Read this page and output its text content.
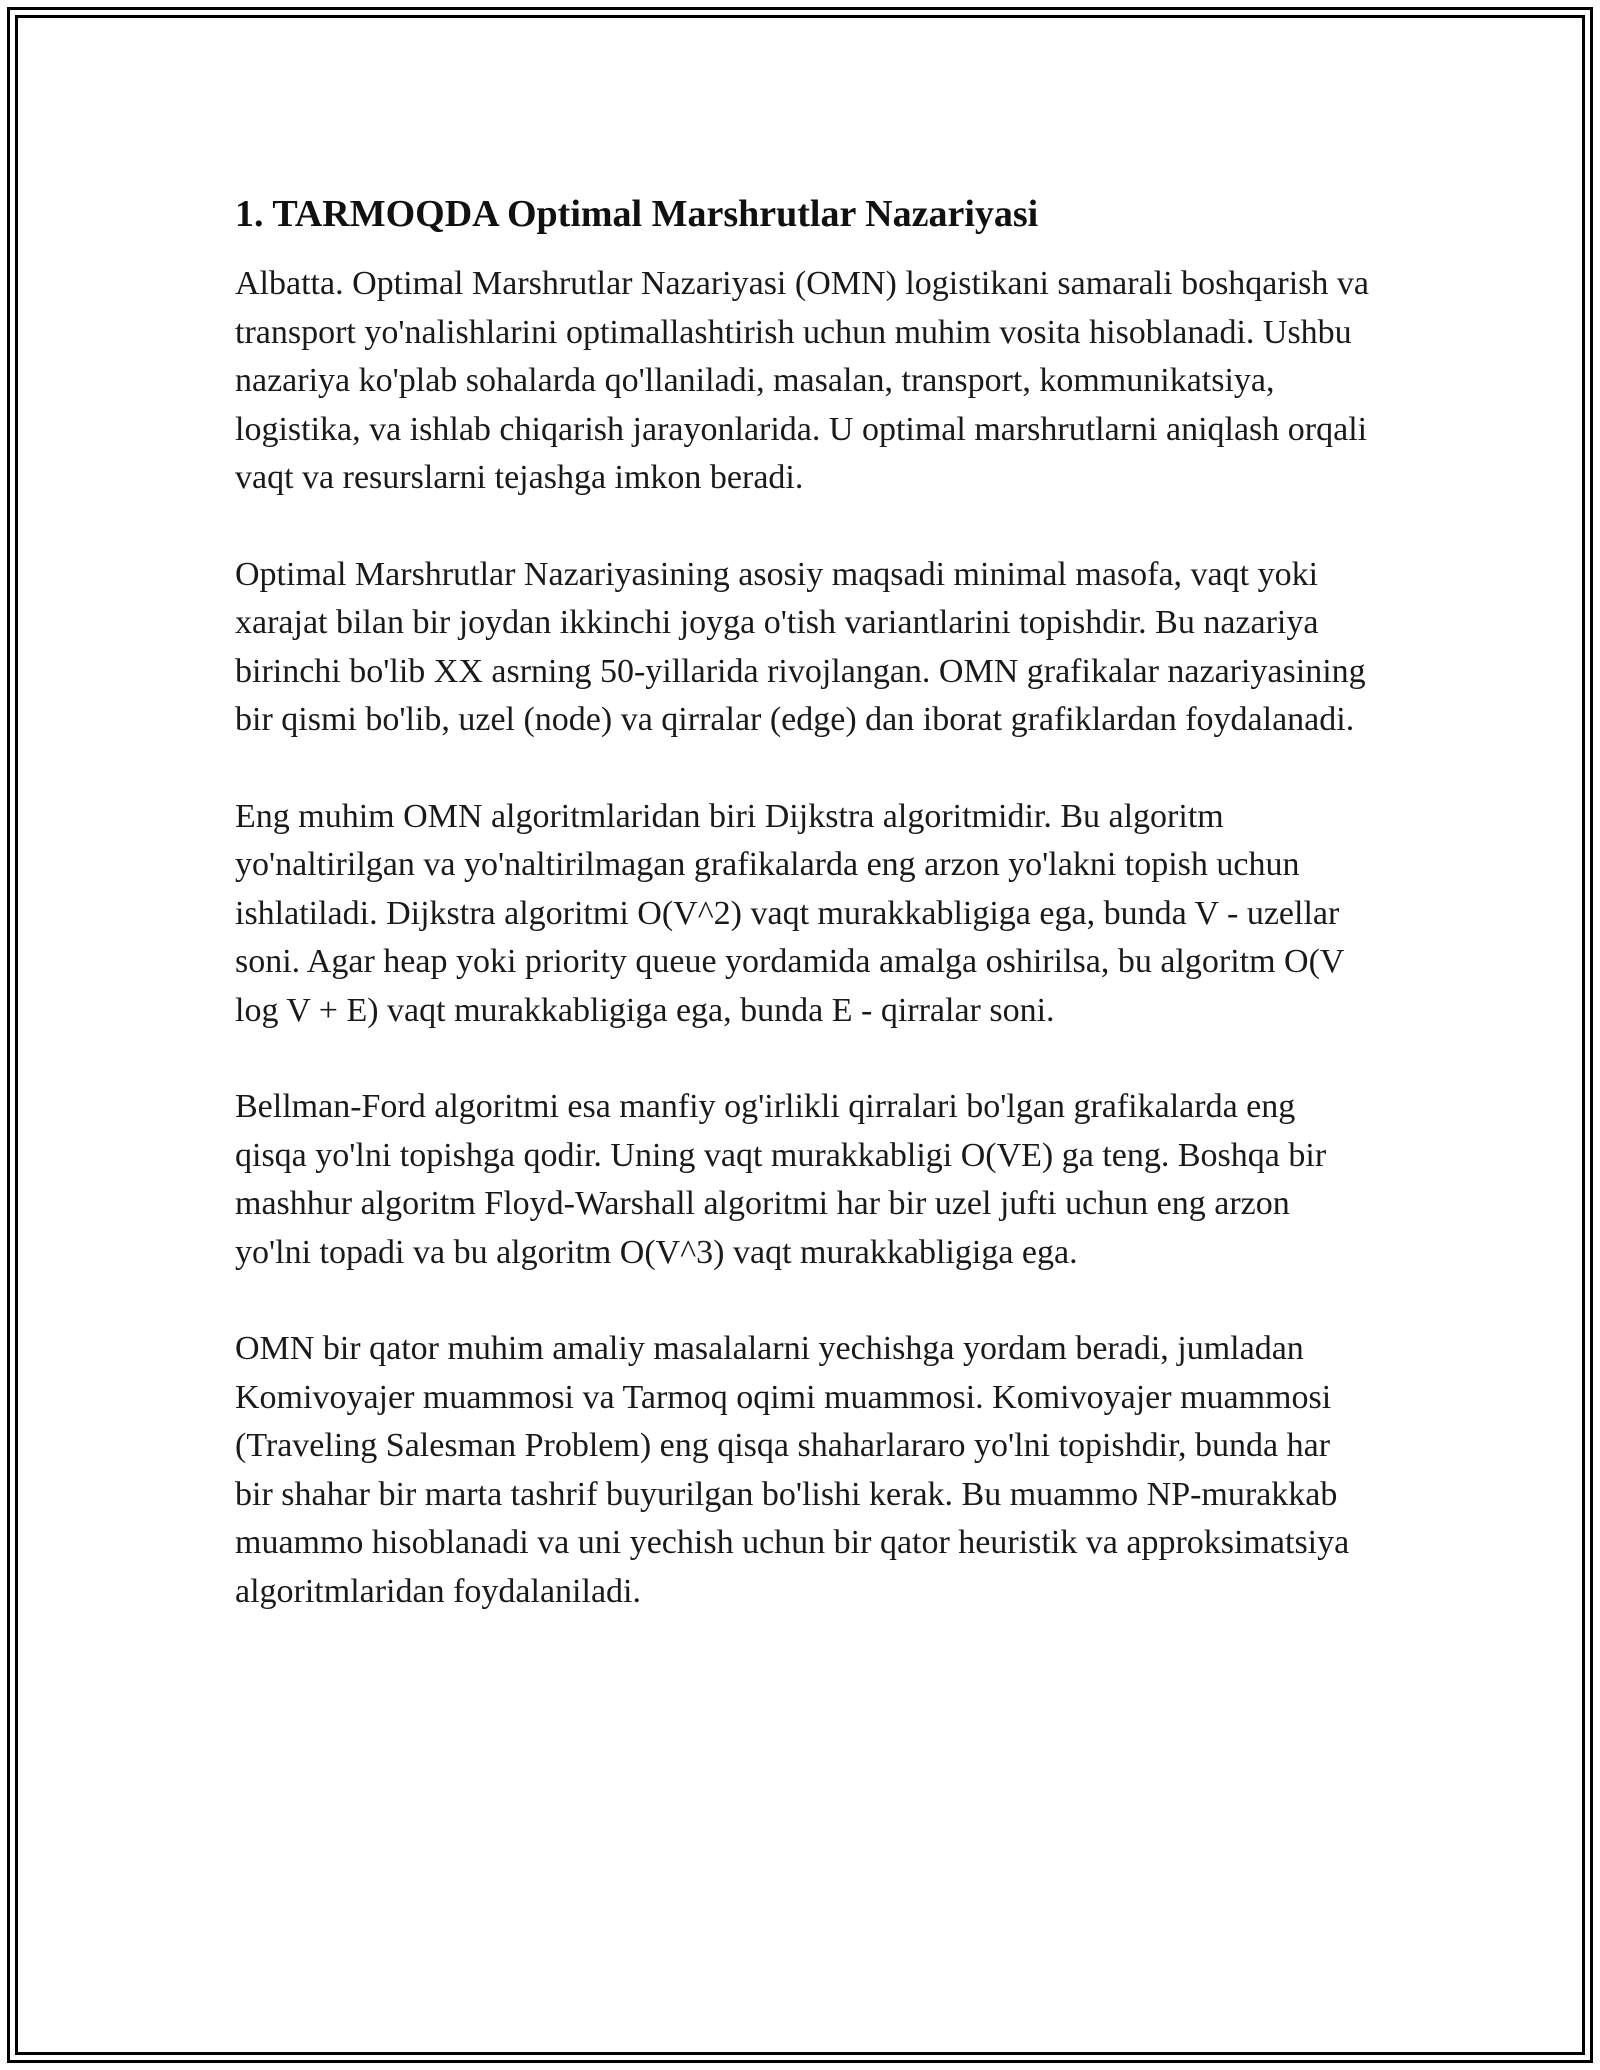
1. TARMOQDA Optimal Marshrutlar Nazariyasi

Albatta. Optimal Marshrutlar Nazariyasi (OMN) logistikani samarali boshqarish va transport yo'nalishlarini optimallashtirish uchun muhim vosita hisoblanadi. Ushbu nazariya ko'plab sohalarda qo'llaniladi, masalan, transport, kommunikatsiya, logistika, va ishlab chiqarish jarayonlarida. U optimal marshrutlarni aniqlash orqali vaqt va resurslarni tejashga imkon beradi.

Optimal Marshrutlar Nazariyasining asosiy maqsadi minimal masofa, vaqt yoki xarajat bilan bir joydan ikkinchi joyga o'tish variantlarini topishdir. Bu nazariya birinchi bo'lib XX asrning 50-yillarida rivojlangan. OMN grafikalar nazariyasining bir qismi bo'lib, uzel (node) va qirralar (edge) dan iborat grafiklardan foydalanadi.

Eng muhim OMN algoritmlaridan biri Dijkstra algoritmidir. Bu algoritm yo'naltirilgan va yo'naltirilmagan grafikalarda eng arzon yo'lakni topish uchun ishlatiladi. Dijkstra algoritmi O(V^2) vaqt murakkabligiga ega, bunda V - uzellar soni. Agar heap yoki priority queue yordamida amalga oshirilsa, bu algoritm O(V log V + E) vaqt murakkabligiga ega, bunda E - qirralar soni.

Bellman-Ford algoritmi esa manfiy og'irlikli qirralari bo'lgan grafikalarda eng qisqa yo'lni topishga qodir. Uning vaqt murakkabligi O(VE) ga teng. Boshqa bir mashhur algoritm Floyd-Warshall algoritmi har bir uzel jufti uchun eng arzon yo'lni topadi va bu algoritm O(V^3) vaqt murakkabligiga ega.

OMN bir qator muhim amaliy masalalarni yechishga yordam beradi, jumladan Komivoyajer muammosi va Tarmoq oqimi muammosi. Komivoyajer muammosi (Traveling Salesman Problem) eng qisqa shaharlararo yo'lni topishdir, bunda har bir shahar bir marta tashrif buyurilgan bo'lishi kerak. Bu muammo NP-murakkab muammo hisoblanadi va uni yechish uchun bir qator heuristik va approksimatsiya algoritmlaridan foydalaniladi.
